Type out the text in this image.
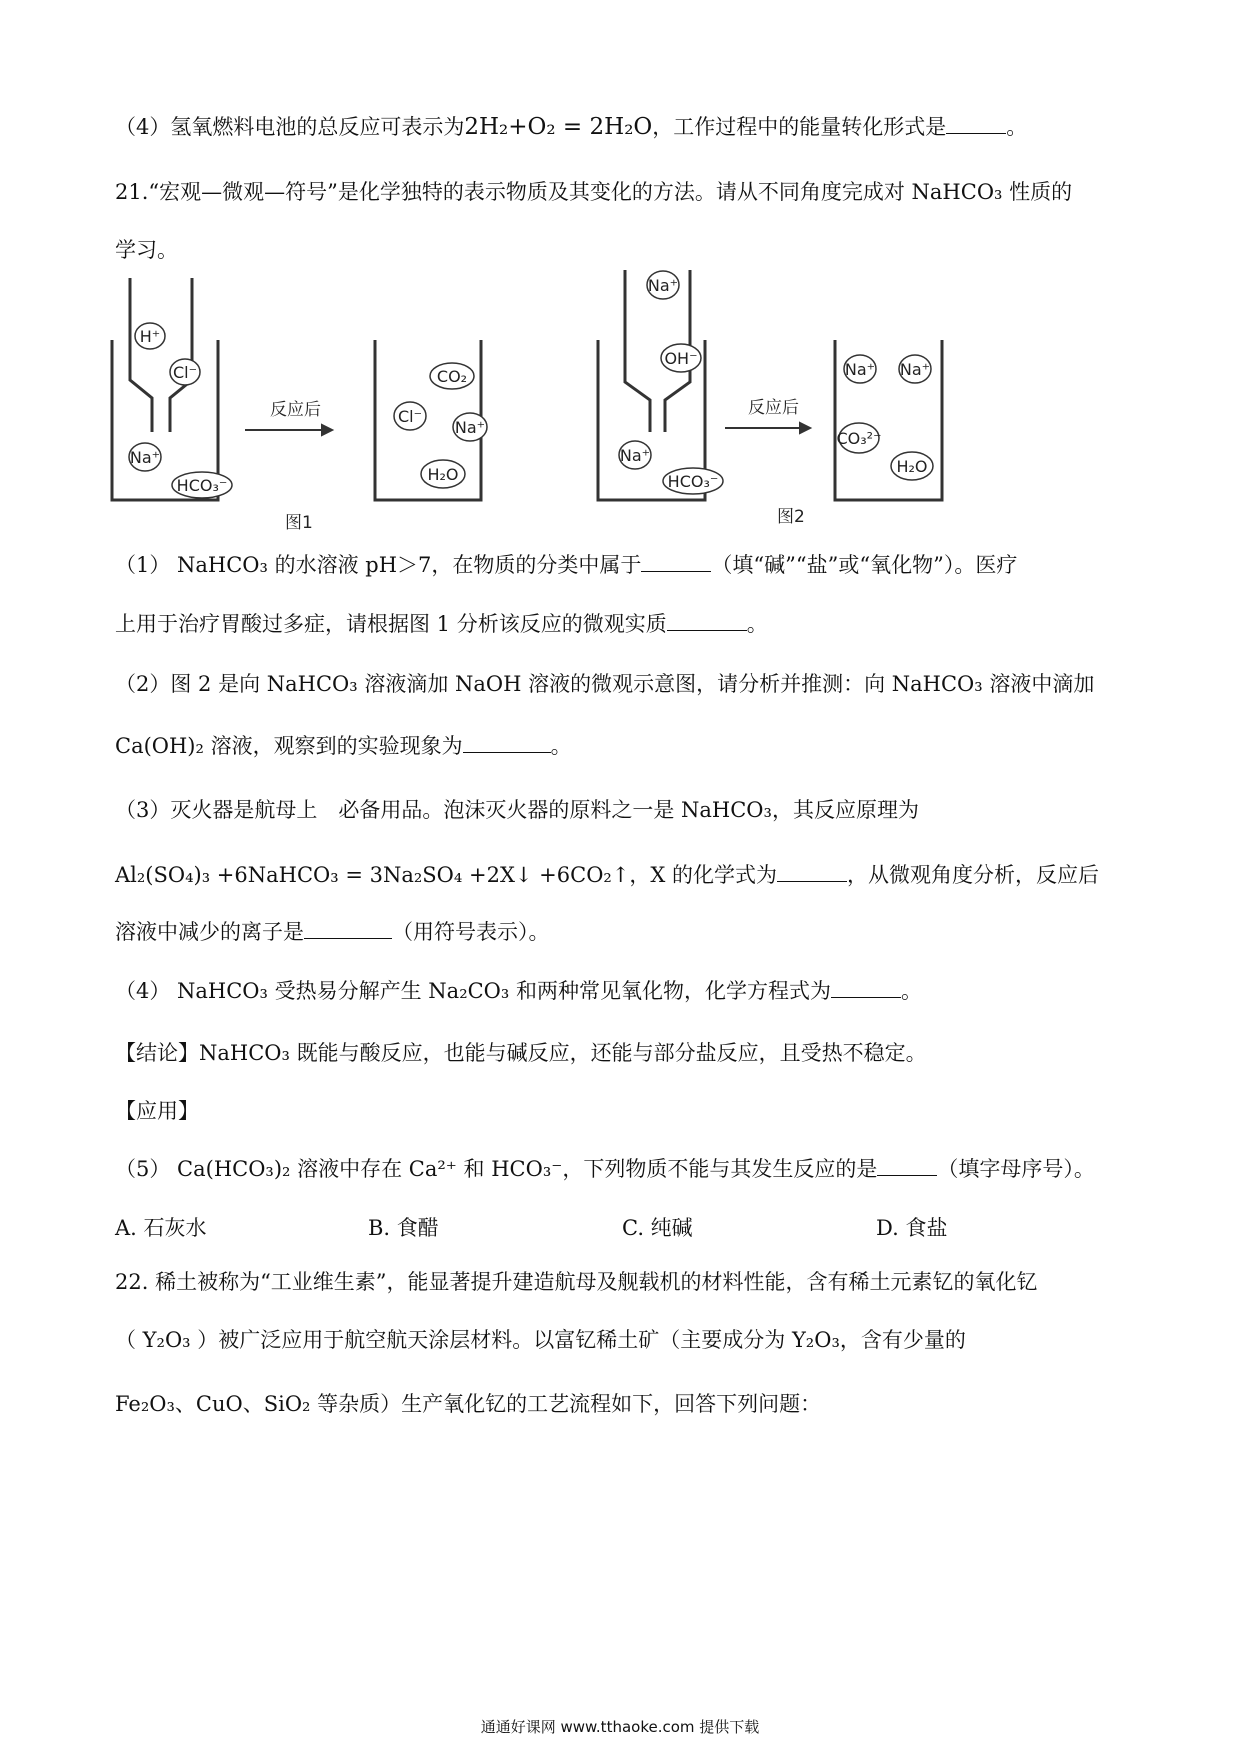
（4）氢氧燃料电池的总反应可表示为2H₂+O₂ = 2H₂O，工作过程中的能量转化形式是	。
21.“宏观—微观—符号”是化学独特的表示物质及其变化的方法。请从不同角度完成对 NaHCO₃ 性质的
学习。
反应后	反应后
图1	图2
H⁺
Cl⁻
Na⁺
HCO₃⁻
CO₂
Cl⁻
Na⁺
H₂O
Na⁺
OH⁻
Na⁺
HCO₃⁻
Na⁺ Na⁺
CO₃²⁻
H₂O
（1） NaHCO₃ 的水溶液 pH＞7，在物质的分类中属于	（填“碱”“盐”或“氧化物”）。医疗
上用于治疗胃酸过多症，请根据图 1 分析该反应的微观实质	。
（2）图 2 是向 NaHCO₃ 溶液滴加 NaOH 溶液的微观示意图，请分析并推测：向 NaHCO₃ 溶液中滴加
Ca(OH)₂ 溶液，观察到的实验现象为	。
（3）灭火器是航母上　必备用品。泡沫灭火器的原料之一是 NaHCO₃，其反应原理为
Al₂(SO₄)₃ +6NaHCO₃ = 3Na₂SO₄ +2X↓ +6CO₂↑，X 的化学式为	，从微观角度分析，反应后
溶液中减少的离子是	（用符号表示）。
（4） NaHCO₃ 受热易分解产生 Na₂CO₃ 和两种常见氧化物，化学方程式为	。
【结论】NaHCO₃ 既能与酸反应，也能与碱反应，还能与部分盐反应，且受热不稳定。
【应用】
（5） Ca(HCO₃)₂ 溶液中存在 Ca²⁺ 和 HCO₃⁻，下列物质不能与其发生反应的是	（填字母序号）。
A. 石灰水	B. 食醋	C. 纯碱	D. 食盐
22. 稀土被称为“工业维生素”，能显著提升建造航母及舰载机的材料性能，含有稀土元素钇的氧化钇
（ Y₂O₃ ）被广泛应用于航空航天涂层材料。以富钇稀土矿（主要成分为 Y₂O₃，含有少量的
Fe₂O₃、CuO、SiO₂ 等杂质）生产氧化钇的工艺流程如下，回答下列问题：
通通好课网 www.tthaoke.com 提供下载
